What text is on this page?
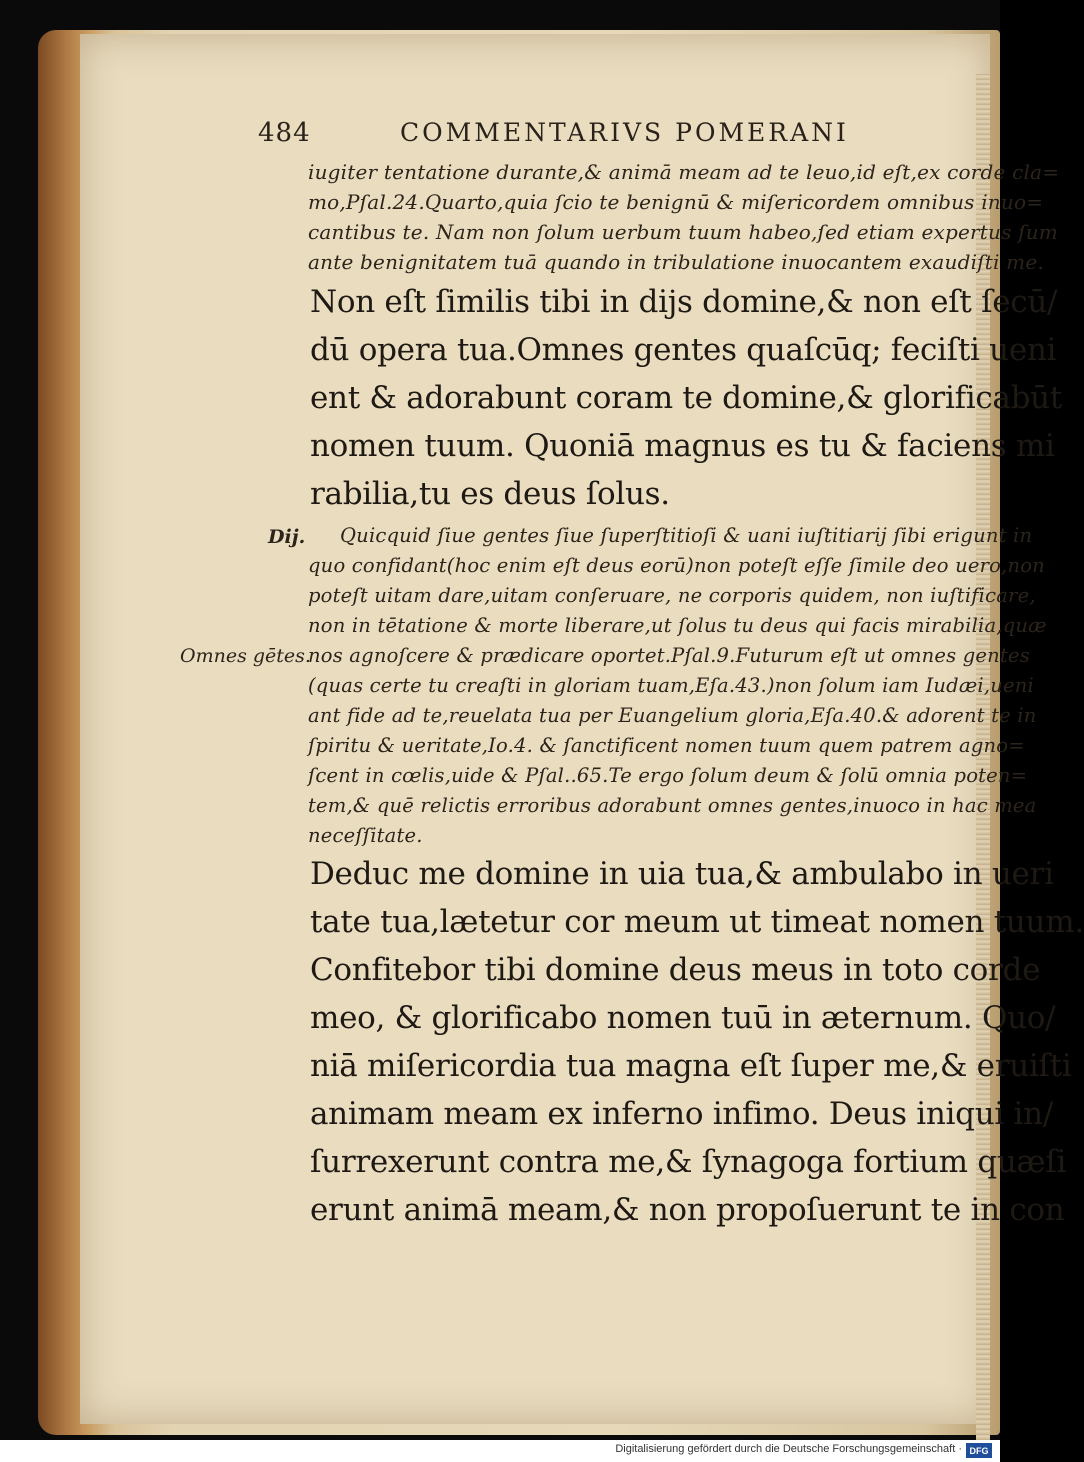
484	COMMENTARIVS POMERANI
iugiter tentatione durante,& animā meam ad te leuo,id eſt,ex corde cla=
mo,Pſal.24.Quarto,quia ſcio te benignū & miſericordem omnibus inuo=
cantibus te. Nam non ſolum uerbum tuum habeo,ſed etiam expertus ſum
ante benignitatem tuā quando in tribulatione inuocantem exaudiſti me.
Non eſt ſimilis tibi in dijs domine,& non eſt ſecū/
dū opera tua.Omnes gentes quaſcūq; feciſti ueni
ent & adorabunt coram te domine,& glorificabūt
nomen tuum. Quoniā magnus es tu & faciens mi
rabilia,tu es deus ſolus.
Dij.
Omnes gētes.
Quicquid ſiue gentes ſiue ſuperſtitioſi & uani iuſtitiarij ſibi erigunt in
quo confidant(hoc enim eſt deus eorū)non poteſt eſſe ſimile deo uero,non
poteſt uitam dare,uitam conſeruare, ne corporis quidem, non iuſtificare,
non in tētatione & morte liberare,ut ſolus tu deus qui facis mirabilia,quæ
nos agnoſcere & prædicare oportet.Pſal.9.Futurum eſt ut omnes gentes
(quas certe tu creaſti in gloriam tuam,Eſa.43.)non ſolum iam Iudæi,ueni
ant fide ad te,reuelata tua per Euangelium gloria,Eſa.40.& adorent te in
ſpiritu & ueritate,Io.4. & ſanctificent nomen tuum quem patrem agno=
ſcent in cœlis,uide & Pſal..65.Te ergo ſolum deum & ſolū omnia poten=
tem,& quē relictis erroribus adorabunt omnes gentes,inuoco in hac mea
neceſſitate.
Deduc me domine in uia tua,& ambulabo in ueri
tate tua,lætetur cor meum ut timeat nomen tuum.
Confitebor tibi domine deus meus in toto corde
meo, & glorificabo nomen tuū in æternum. Quo/
niā miſericordia tua magna eſt ſuper me,& eruiſti
animam meam ex inferno infimo. Deus iniqui in/
ſurrexerunt contra me,& ſynagoga fortium quæſi
erunt animā meam,& non propoſuerunt te in con
Digitalisierung gefördert durch die Deutsche Forschungsgemeinschaft · DFG
